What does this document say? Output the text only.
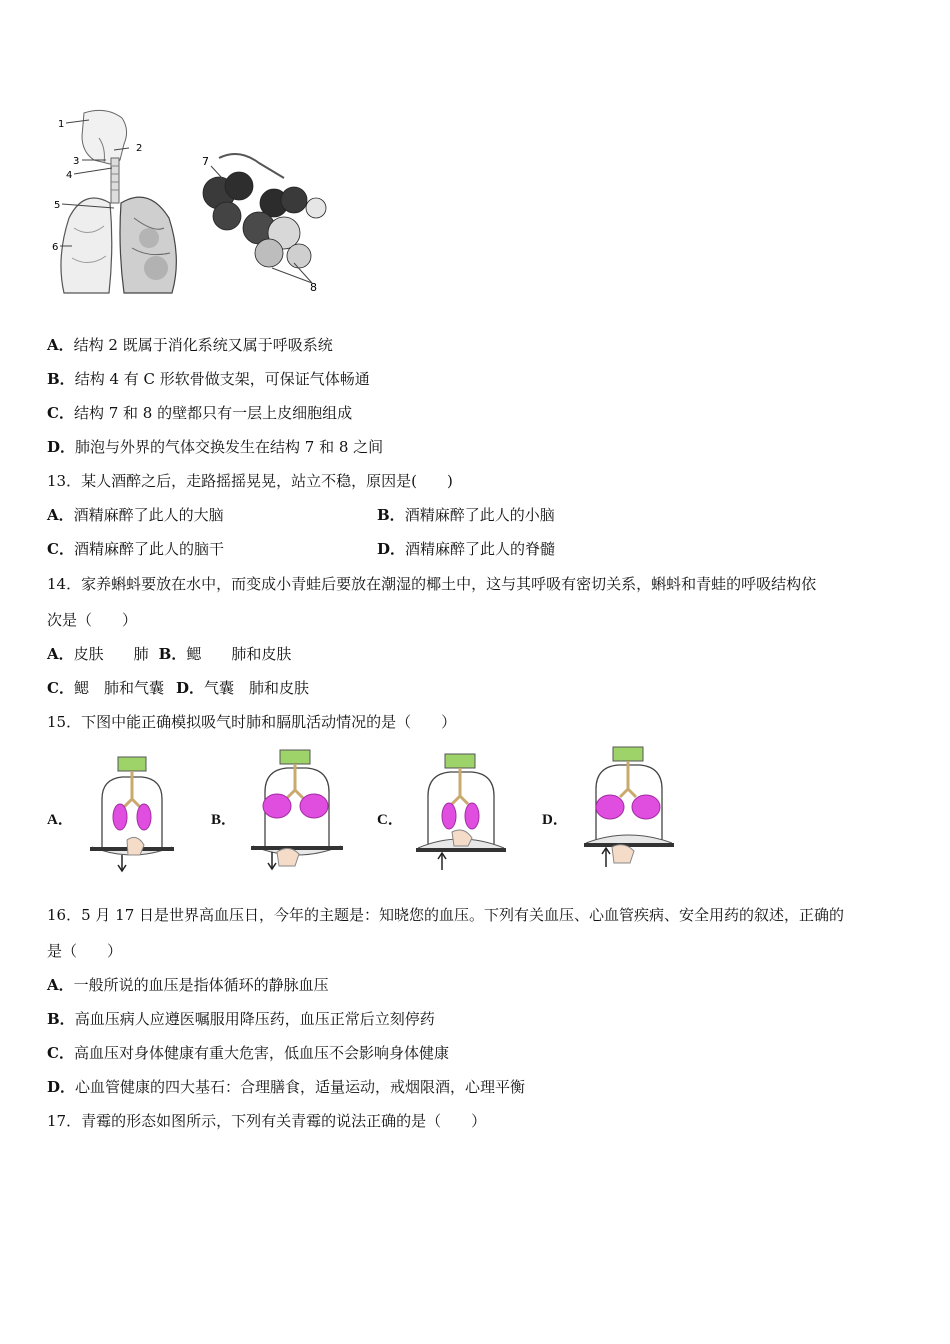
1
2
3
4
5
6
7
8
A．结构 2 既属于消化系统又属于呼吸系统
B．结构 4 有 C 形软骨做支架，可保证气体畅通
C．结构 7 和 8 的壁都只有一层上皮细胞组成
D．肺泡与外界的气体交换发生在结构 7 和 8 之间
13．某人酒醉之后，走路摇摇晃晃，站立不稳，原因是(　　)
A．酒精麻醉了此人的大脑	B．酒精麻醉了此人的小脑
C．酒精麻醉了此人的脑干	D．酒精麻醉了此人的脊髓
14．家养蝌蚪要放在水中，而变成小青蛙后要放在潮湿的椰土中，这与其呼吸有密切关系，蝌蚪和青蛙的呼吸结构依
次是（　　）
A．皮肤　　肺 B．鳃　　肺和皮肤
C．鳃　肺和气囊 D．气囊　肺和皮肤
15．下图中能正确模拟吸气时肺和膈肌活动情况的是（　　）
A．	B．	C．	D．
16．5 月 17 日是世界高血压日，今年的主题是：知晓您的血压。下列有关血压、心血管疾病、安全用药的叙述，正确的
是（　　）
A．一般所说的血压是指体循环的静脉血压
B．高血压病人应遵医嘱服用降压药，血压正常后立刻停药
C．高血压对身体健康有重大危害，低血压不会影响身体健康
D．心血管健康的四大基石：合理膳食，适量运动，戒烟限酒，心理平衡
17．青霉的形态如图所示，下列有关青霉的说法正确的是（　　）
